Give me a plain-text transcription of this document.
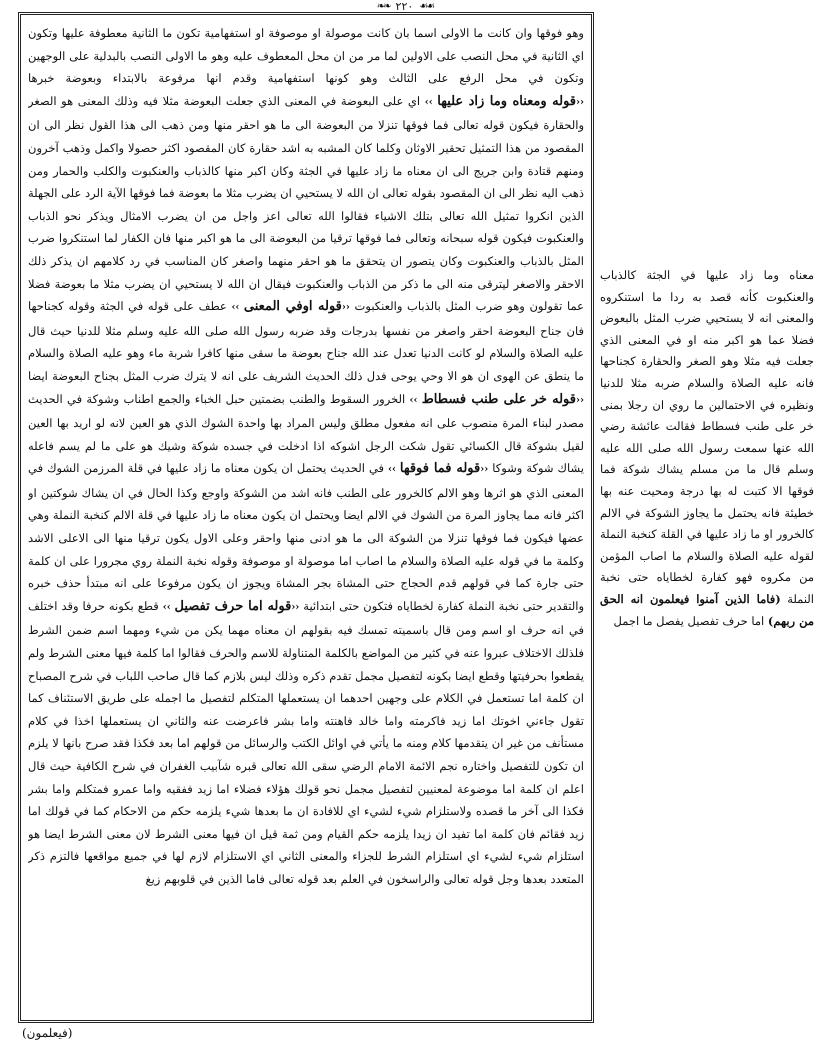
❧❧ ٢٢٠ ☙☙

وهو فوقها وان كانت ما الاولى اسما بان كانت موصولة او موصوفة او استفهامية تكون ما الثانية معطوفة عليها وتكون اي الثانية في محل النصب على الاولين لما مر من ان محل المعطوف عليه وهو ما الاولى النصب بالبدلية على الوجهين وتكون في محل الرفع على الثالث وهو كونها استفهامية وقدم انها مرفوعة بالابتداء وبعوضة خبرها ‹‹ قوله ومعناه وما زاد عليها ›› اي على البعوضة في المعنى الذي جعلت البعوضة مثلا فيه وذلك المعنى هو الصغر والحقارة فيكون قوله تعالى فما فوقها تنزلا من البعوضة الى ما هو احقر منها ومن ذهب الى هذا القول نظر الى ان المقصود من هذا التمثيل تحقير الاوثان وكلما كان المشبه به اشد حقارة كان المقصود اكثر حصولا واكمل وذهب آخرون ومنهم قتادة وابن جريج الى ان معناه ما زاد عليها في الجثة وكان اكبر منها كالذباب والعنكبوت والكلب والحمار ومن ذهب اليه نظر الى ان المقصود بقوله تعالى ان الله لا يستحيي ان يضرب مثلا ما بعوضة فما فوقها الآية الرد على الجهلة الذين انكروا تمثيل الله تعالى بتلك الاشياء فقالوا الله تعالى اعز واجل من ان يضرب الامثال ويذكر نحو الذباب والعنكبوت فيكون قوله سبحانه وتعالى فما فوقها ترقيا من البعوضة الى ما هو اكبر منها فان الكفار لما استنكروا ضرب المثل بالذباب والعنكبوت وكان يتصور ان يتحقق ما هو احقر منهما واصغر كان المناسب في رد كلامهم ان يذكر ذلك الاحقر والاصغر ليترقى منه الى ما ذكر من الذباب والعنكبوت فيقال ان الله لا يستحيي ان يضرب مثلا ما بعوضة فضلا عما تقولون وهو ضرب المثل بالذباب والعنكبوت ‹‹ قوله اوفي المعنى ›› عطف على قوله في الجثة وقوله كجناحها فان جناح البعوضة احقر واصغر من نفسها بدرجات وقد ضربه رسول الله صلى الله عليه وسلم مثلا للدنيا حيث قال عليه الصلاة والسلام لو كانت الدنيا تعدل عند الله جناح بعوضة ما سقى منها كافرا شربة ماء وهو عليه الصلاة والسلام ما ينطق عن الهوى ان هو الا وحي يوحى فدل ذلك الحديث الشريف على انه لا يترك ضرب المثل بجناح البعوضة ايضا ‹‹ قوله خر على طنب فسطاط ›› الخرور السقوط والطنب بضمتين حبل الخباء والجمع اطناب وشوكة في الحديث مصدر لبناء المرة منصوب على انه مفعول مطلق وليس المراد بها واحدة الشوك الذي هو العين لانه لو اريد بها العين لقيل بشوكة قال الكسائي تقول شكت الرجل اشوكه اذا ادخلت في جسده شوكة وشيك هو على ما لم يسم فاعله يشاك شوكة وشوكا ‹‹ قوله فما فوقها ›› في الحديث يحتمل ان يكون معناه ما زاد عليها في قلة المرزمن الشوك في المعنى الذي هو اثرها وهو الالم كالخرور على الطنب فانه اشد من الشوكة واوجع وكذا الحال في ان يشاك شوكتين او اكثر فانه مما يجاوز المرة من الشوك في الالم ايضا ويحتمل ان يكون معناه ما زاد عليها في قلة الالم كنخبة النملة وهي عضها فيكون فما فوقها تنزلا من الشوكة الى ما هو ادنى منها واحقر وعلى الاول يكون ترقيا منها الى الاعلى الاشد وكلمة ما في قوله عليه الصلاة والسلام ما اصاب اما موصولة او موصوفة وقوله نخبة النملة روي مجرورا على ان كلمة حتى جارة كما في قولهم قدم الحجاج حتى المشاة بجر المشاة ويجوز ان يكون مرفوعا على انه مبتدأ حذف خبره والتقدير حتى نخبة النملة كفارة لخطاياه فتكون حتى ابتدائية ‹‹ قوله اما حرف تفصيل ›› قطع بكونه حرفا وقد اختلف في انه حرف او اسم ومن قال باسميته تمسك فيه بقولهم ان معناه مهما يكن من شيء ومهما اسم ضمن الشرط فلذلك الاختلاف عبروا عنه في كثير من المواضع بالكلمة المتناولة للاسم والحرف فقالوا اما كلمة فيها معنى الشرط ولم يقطعوا بحرفيتها وقطع ايضا بكونه لتفصيل مجمل تقدم ذكره وذلك ليس بلازم كما قال صاحب اللباب في شرح المصباح ان كلمة اما تستعمل في الكلام على وجهين احدهما ان يستعملها المتكلم لتفصيل ما اجمله على طريق الاستئناف كما تقول جاءني اخوتك اما زيد فاكرمته واما خالد فاهنته واما بشر فاعرضت عنه والثاني ان يستعملها اخذا في كلام مستأنف من غير ان يتقدمها كلام ومنه ما يأتي في اوائل الكتب والرسائل من قولهم اما بعد فكذا فقد صرح بانها لا يلزم ان تكون للتفصيل واختاره نجم الائمة الامام الرضي سقى الله تعالى قبره شآبيب الغفران في شرح الكافية حيث قال اعلم ان كلمة اما موضوعة لمعنيين لتفصيل مجمل نحو قولك هؤلاء فضلاء اما زيد ففقيه واما عمرو فمتكلم واما بشر فكذا الى آخر ما قصده ولاستلزام شيء لشيء اي للافادة ان ما بعدها شيء يلزمه حكم من الاحكام كما في قولك اما زيد فقائم فان كلمة اما تفيد ان زيدا يلزمه حكم القيام ومن ثمة قيل ان فيها معنى الشرط لان معنى الشرط ايضا هو استلزام شيء لشيء اي استلزام الشرط للجزاء والمعنى الثاني اي الاستلزام لازم لها في جميع مواقعها فالتزم ذكر المتعدد بعدها وجل قوله تعالى والراسخون في العلم بعد قوله تعالى فاما الذين في قلوبهم زيغ

معناه وما زاد عليها في الجثة كالذباب والعنكبوت كأنه قصد به ردا ما استنكروه والمعنى انه لا يستحيي ضرب المثل بالبعوض فضلا عما هو اكبر منه او في المعنى الذي جعلت فيه مثلا وهو الصغر والحقارة كجناحها فانه عليه الصلاة والسلام ضربه مثلا للدنيا ونظيره في الاحتمالين ما روي ان رجلا بمنى خر على طنب فسطاط فقالت عائشة رضي الله عنها سمعت رسول الله صلى الله عليه وسلم قال ما من مسلم يشاك شوكة فما فوقها الا كتبت له بها درجة ومحيت عنه بها خطيئة فانه يحتمل ما يجاوز الشوكة في الالم كالخرور او ما زاد عليها في القلة كنخبة النملة لقوله عليه الصلاة والسلام ما اصاب المؤمن من مكروه فهو كفارة لخطاياه حتى نخبة النملة (فاما الذين آمنوا فيعلمون انه الحق من ربهم) اما حرف تفصيل يفصل ما اجمل
(فيعلمون)
